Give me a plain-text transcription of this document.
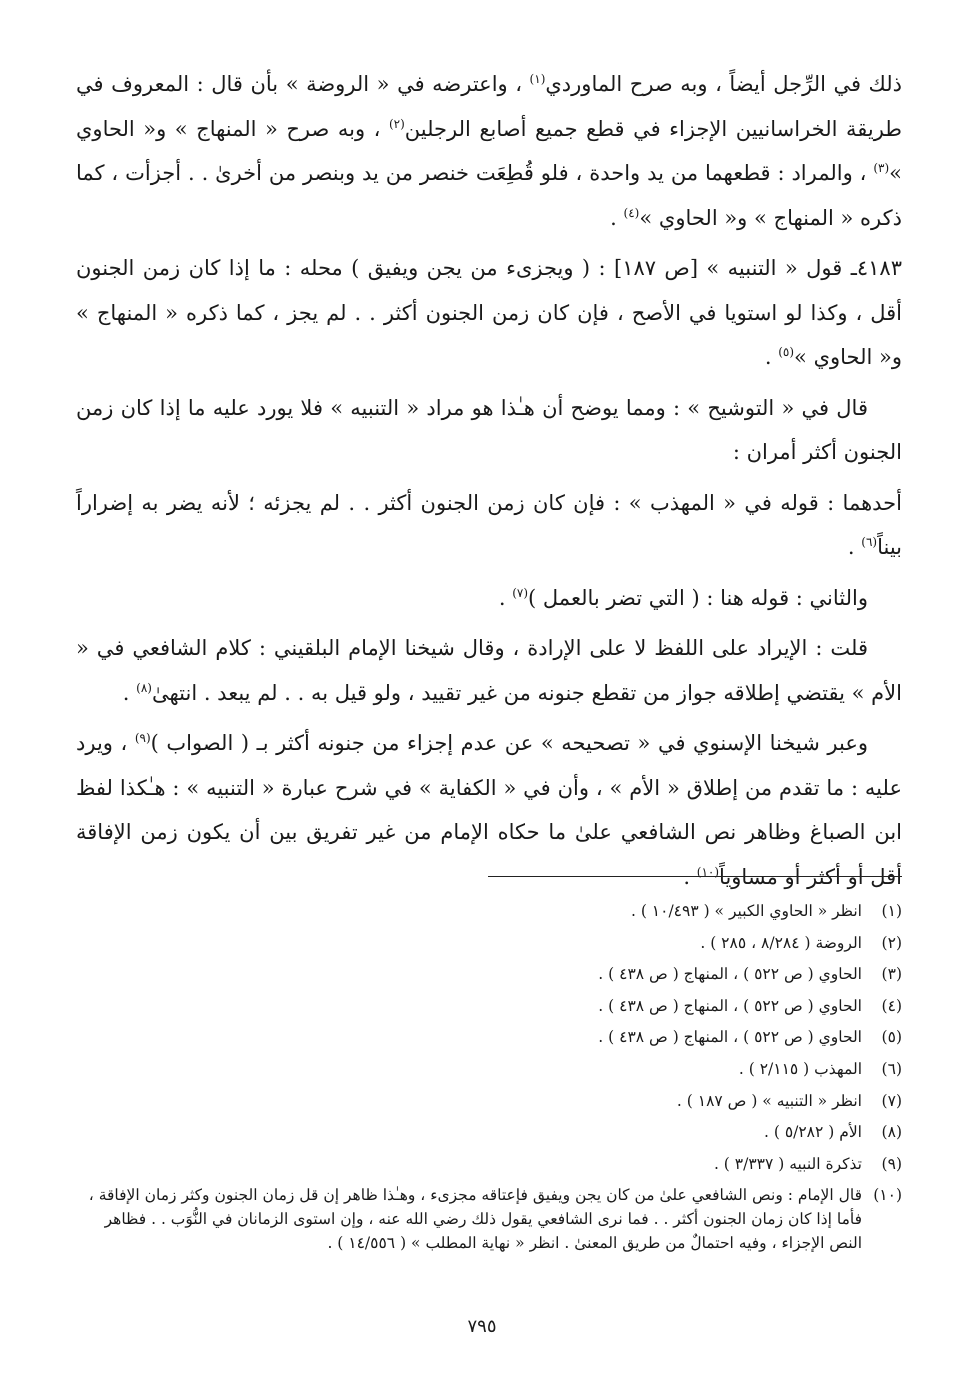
ذلك في الرِّجل أيضاً ، وبه صرح الماوردي$^{(١)}$ ، واعترضه في « الروضة » بأن قال : المعروف في طريقة الخراسانيين الإجزاء في قطع جميع أصابع الرجلين$^{(٢)}$ ، وبه صرح « المنهاج » و« الحاوي »$^{(٣)}$ ، والمراد : قطعهما من يد واحدة ، فلو قُطِعَت خنصر من يد وبنصر من أخرىٰ . . أجزأت ، كما ذكره « المنهاج » و« الحاوي »$^{(٤)}$ .

٤١٨٣ـ قول « التنبيه » [ص ١٨٧] : ( ويجزىء من يجن ويفيق ) محله : ما إذا كان زمن الجنون أقل ، وكذا لو استويا في الأصح ، فإن كان زمن الجنون أكثر . . لم يجز ، كما ذكره « المنهاج » و« الحاوي »$^{(٥)}$ .

قال في « التوشيح » : ومما يوضح أن هـٰذا هو مراد « التنبيه » فلا يورد عليه ما إذا كان زمن الجنون أكثر أمران :

أحدهما : قوله في « المهذب » : فإن كان زمن الجنون أكثر . . لم يجزئه ؛ لأنه يضر به إضراراً بيناً$^{(٦)}$ .

والثاني : قوله هنا : ( التي تضر بالعمل )$^{(٧)}$ .

قلت : الإيراد على اللفظ لا على الإرادة ، وقال شيخنا الإمام البلقيني : كلام الشافعي في « الأم » يقتضي إطلاقه جواز من تقطع جنونه من غير تقييد ، ولو قيل به . . لم يبعد . انتهىٰ$^{(٨)}$ .

وعبر شيخنا الإسنوي في « تصحيحه » عن عدم إجزاء من جنونه أكثر بـ ( الصواب )$^{(٩)}$ ، ويرد عليه : ما تقدم من إطلاق « الأم » ، وأن في « الكفاية » في شرح عبارة « التنبيه » : هـٰكذا لفظ ابن الصباغ وظاهر نص الشافعي علىٰ ما حكاه الإمام من غير تفريق بين أن يكون زمن الإفاقة أقل أو أكثر أو مساوياً$^{(١٠)}$ .

(١)
انظر « الحاوي الكبير » ( ١٠/٤٩٣ ) .
(٢)
الروضة ( ٨/٢٨٤ ، ٢٨٥ ) .
(٣)
الحاوي ( ص ٥٢٢ ) ، المنهاج ( ص ٤٣٨ ) .
(٤)
الحاوي ( ص ٥٢٢ ) ، المنهاج ( ص ٤٣٨ ) .
(٥)
الحاوي ( ص ٥٢٢ ) ، المنهاج ( ص ٤٣٨ ) .
(٦)
المهذب ( ٢/١١٥ ) .
(٧)
انظر « التنبيه » ( ص ١٨٧ ) .
(٨)
الأم ( ٥/٢٨٢ ) .
(٩)
تذكرة النبيه ( ٣/٣٣٧ ) .
(١٠)
قال الإمام : ونص الشافعي علىٰ من كان يجن ويفيق فإعتاقه مجزىء ، وهـٰذا ظاهر إن قل زمان الجنون وكثر زمان الإفاقة ، فأما إذا كان زمان الجنون أكثر . . فما نرى الشافعي يقول ذلك رضي الله عنه ، وإن استوى الزمانان في النُّوَب . . فظاهر النص الإجزاء ، وفيه احتمالٌ من طريق المعنىٰ . انظر « نهاية المطلب » ( ١٤/٥٥٦ ) .
٧٩٥
